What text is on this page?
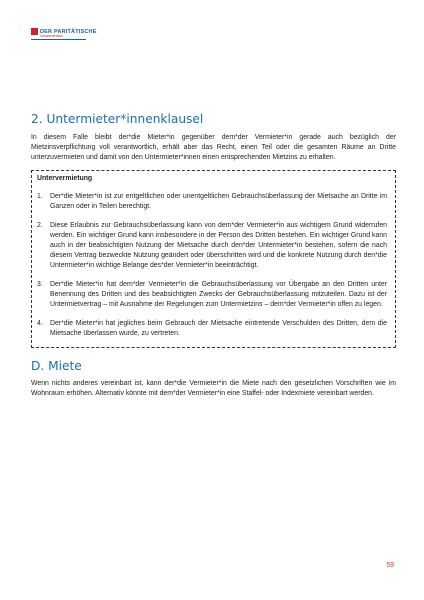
DER PARITÄTISCHE
Gesamtverband
2. Untermieter*innenklausel

In diesem Falle bleibt der*die Mieter*in gegenüber dem*der Vermieter*in gerade auch bezüglich der Mietzinsverpflichtung voll verantwortlich, erhält aber das Recht, einen Teil oder die gesamten Räume an Dritte unterzuvermieten und damit von den Untermieter*innen einen entsprechenden Mietzins zu erhalten.

Untervermietung
1.	Der*die Mieter*in ist zur entgeltlichen oder unentgeltlichen Gebrauchsüberlassung der Mietsache an Dritte im Ganzen oder in Teilen berechtigt.
2.	Diese Erlaubnis zur Gebrauchsüberlassung kann von dem*der Vermieter*in aus wichtigem Grund widerrufen werden. Ein wichtiger Grund kann insbesondere in der Person des Dritten bestehen. Ein wichtiger Grund kann auch in der beabsichtigten Nutzung der Mietsache durch den*der Untermieter*in bestehen, sofern die nach diesem Vertrag bezweckte Nutzung geändert oder überschritten wird und die konkrete Nutzung durch den*die Untermieter*in wichtige Belange des*der Vermieter*in beeinträchtigt.
3.	Der*die Mieter*in hat dem*der Vermieter*in die Gebrauchsüberlassung vor Übergabe an den Dritten unter Benennung des Dritten und des beabsichtigten Zwecks der Gebrauchsüberlassung mitzuteilen. Dazu ist der Untermietvertrag – mit Ausnahme der Regelungen zum Untermietzins – dem*der Vermieter*in offen zu legen.
4.	Der*die Mieter*in hat jegliches beim Gebrauch der Mietsache eintretende Verschulden des Dritten, dem die Mietsache überlassen wurde, zu vertreten.
D. Miete

Wenn nichts anderes vereinbart ist, kann der*die Vermieter*in die Miete nach den gesetzlichen Vorschriften wie im Wohnraum erhöhen. Alternativ könnte mit dem*der Vermieter*in eine Staffel- oder Indexmiete vereinbart werden.

59
